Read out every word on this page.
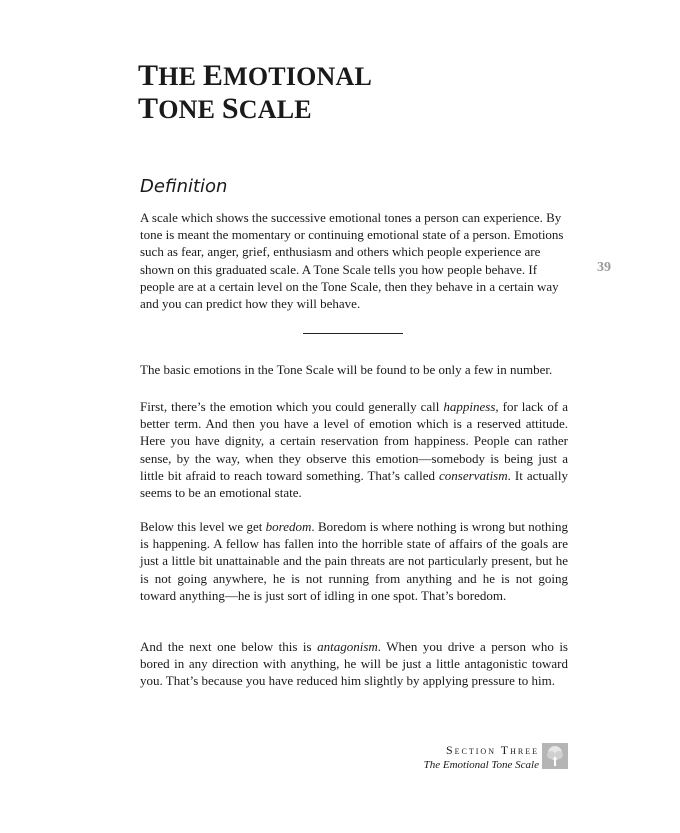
THE EMOTIONAL
TONE SCALE
Definition
39

A scale which shows the successive emotional tones a person can experience. By tone is meant the momentary or continuing emotional state of a person. Emotions such as fear, anger, grief, enthusiasm and others which people experience are shown on this graduated scale. A Tone Scale tells you how people behave. If people are at a certain level on the Tone Scale, then they behave in a certain way and you can predict how they will behave.

The basic emotions in the Tone Scale will be found to be only a few in number.

First, there’s the emotion which you could generally call happiness, for lack of a better term. And then you have a level of emotion which is a reserved attitude. Here you have dignity, a certain reservation from happiness. People can rather sense, by the way, when they observe this emotion—somebody is being just a little bit afraid to reach toward something. That’s called conservatism. It actually seems to be an emotional state.

Below this level we get boredom. Boredom is where nothing is wrong but nothing is happening. A fellow has fallen into the horrible state of affairs of the goals are just a little bit unattainable and the pain threats are not particularly present, but he is not going anywhere, he is not running from anything and he is not going toward anything—he is just sort of idling in one spot. That’s boredom.

And the next one below this is antagonism. When you drive a person who is bored in any direction with anything, he will be just a little antagonistic toward you. That’s because you have reduced him slightly by applying pressure to him.

Section Three
The Emotional Tone Scale
